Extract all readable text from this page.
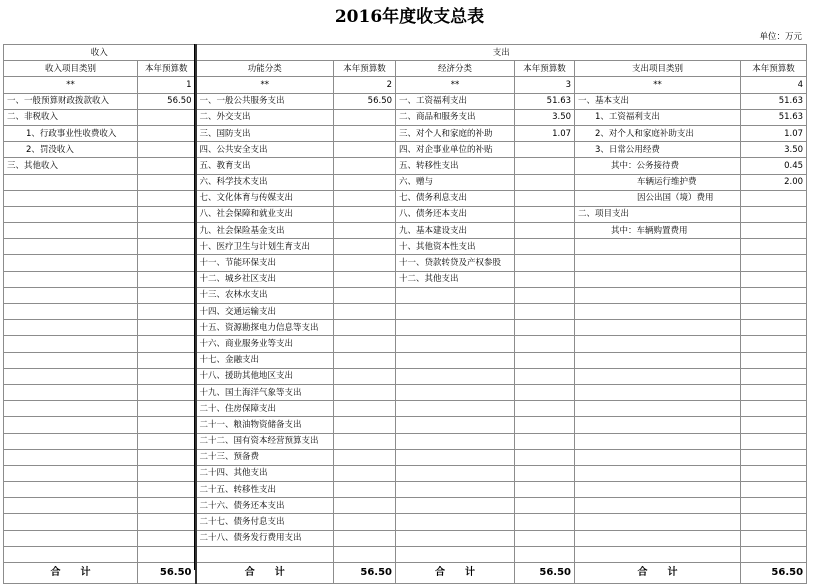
2016年度收支总表
单位：万元
收入		支出					
收入项目类别	本年预算数	功能分类	本年预算数	经济分类	本年预算数	支出项目类别	本年预算数
**	1	**	2	**	3	**	4
一、一般预算财政拨款收入	56.50	一、一般公共服务支出	56.50	一、工资福利支出	51.63	一、基本支出	51.63
二、非税收入		二、外交支出		二、商品和服务支出	3.50	1、工资福利支出	51.63
1、行政事业性收费收入		三、国防支出		三、对个人和家庭的补助	1.07	2、对个人和家庭补助支出	1.07
2、罚没收入		四、公共安全支出		四、对企事业单位的补贴		3、日常公用经费	3.50
三、其他收入		五、教育支出		五、转移性支出		其中：公务接待费	0.45
		六、科学技术支出		六、赠与		车辆运行维护费	2.00
		七、文化体育与传媒支出		七、债务利息支出		因公出国（境）费用	
		八、社会保障和就业支出		八、债务还本支出		二、项目支出	
		九、社会保险基金支出		九、基本建设支出		其中：车辆购置费用	
		十、医疗卫生与计划生育支出		十、其他资本性支出			
		十一、节能环保支出		十一、贷款转贷及产权参股			
		十二、城乡社区支出		十二、其他支出			
		十三、农林水支出					
		十四、交通运输支出					
		十五、资源勘探电力信息等支出					
		十六、商业服务业等支出					
		十七、金融支出					
		十八、援助其他地区支出					
		十九、国土海洋气象等支出					
		二十、住房保障支出					
		二十一、粮油物资储备支出					
		二十二、国有资本经营预算支出					
		二十三、预备费					
		二十四、其他支出					
		二十五、转移性支出					
		二十六、债务还本支出					
		二十七、债务付息支出					
		二十八、债务发行费用支出					

合　　计	56.50	合　　计	56.50	合　　计	56.50	合　　计	56.50
